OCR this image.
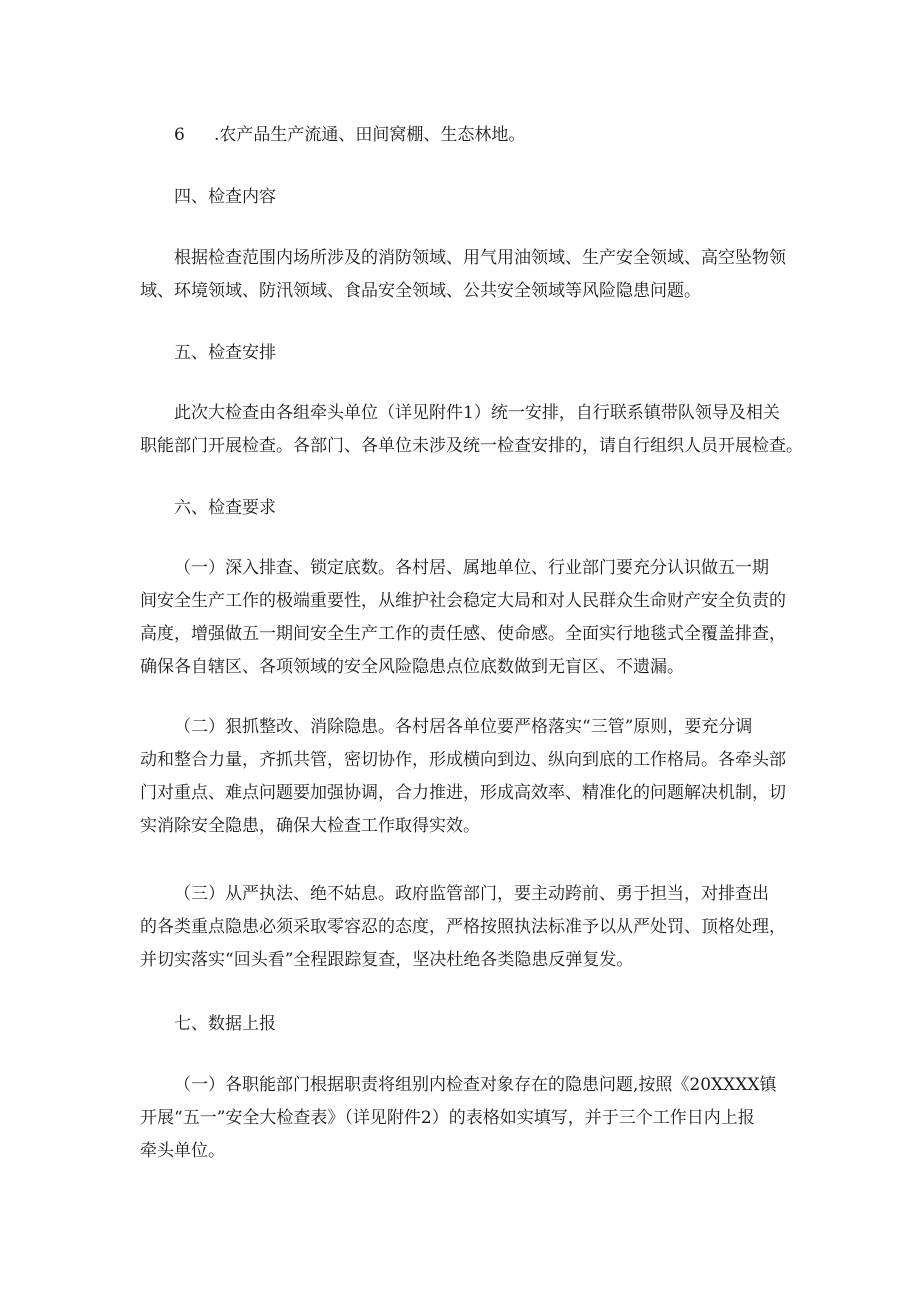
6 .农产品生产流通、田间窝棚、生态林地。
四、检查内容
根据检查范围内场所涉及的消防领域、用气用油领域、生产安全领域、高空坠物领
域、环境领域、防汛领域、食品安全领域、公共安全领域等风险隐患问题。
五、检查安排
此次大检查由各组牵头单位（详见附件1）统一安排，自行联系镇带队领导及相关
职能部门开展检查。各部门、各单位未涉及统一检查安排的，请自行组织人员开展检查。
六、检查要求
（一）深入排查、锁定底数。各村居、属地单位、行业部门要充分认识做五一期
间安全生产工作的极端重要性，从维护社会稳定大局和对人民群众生命财产安全负责的
高度，增强做五一期间安全生产工作的责任感、使命感。全面实行地毯式全覆盖排查，
确保各自辖区、各项领域的安全风险隐患点位底数做到无盲区、不遗漏。
（二）狠抓整改、消除隐患。各村居各单位要严格落实“三管”原则，要充分调
动和整合力量，齐抓共管，密切协作，形成横向到边、纵向到底的工作格局。各牵头部
门对重点、难点问题要加强协调，合力推进，形成高效率、精准化的问题解决机制，切
实消除安全隐患，确保大检查工作取得实效。
（三）从严执法、绝不姑息。政府监管部门，要主动跨前、勇于担当，对排查出
的各类重点隐患必须采取零容忍的态度，严格按照执法标准予以从严处罚、顶格处理，
并切实落实“回头看”全程跟踪复查，坚决杜绝各类隐患反弹复发。
七、数据上报
（一）各职能部门根据职责将组别内检查对象存在的隐患问题,按照《20XXXX镇
开展“五一”安全大检查表》（详见附件2）的表格如实填写，并于三个工作日内上报
牵头单位。
